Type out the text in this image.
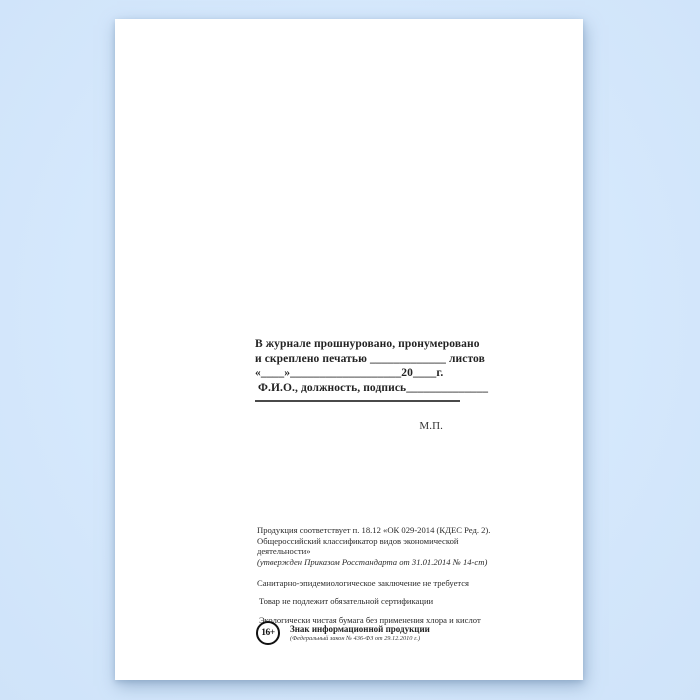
В журнале прошнуровано, пронумеровано
и скреплено печатью _____________ листов
«____»___________________20____г.
Ф.И.О., должность, подпись______________
М.П.

Продукция соответствует п. 18.12 «ОК 029-2014 (КДЕС Ред. 2).

Общероссийский классификатор видов экономической деятельности»

(утвержден Приказом Росстандарта от 31.01.2014 № 14-ст)

Санитарно-эпидемиологическое заключение не требуется

Товар не подлежит обязательной сертификации

Экологически чистая бумага без применения хлора и кислот

16+ Знак информационной продукции
(Федеральный закон № 436-ФЗ от 29.12.2010 г.)
